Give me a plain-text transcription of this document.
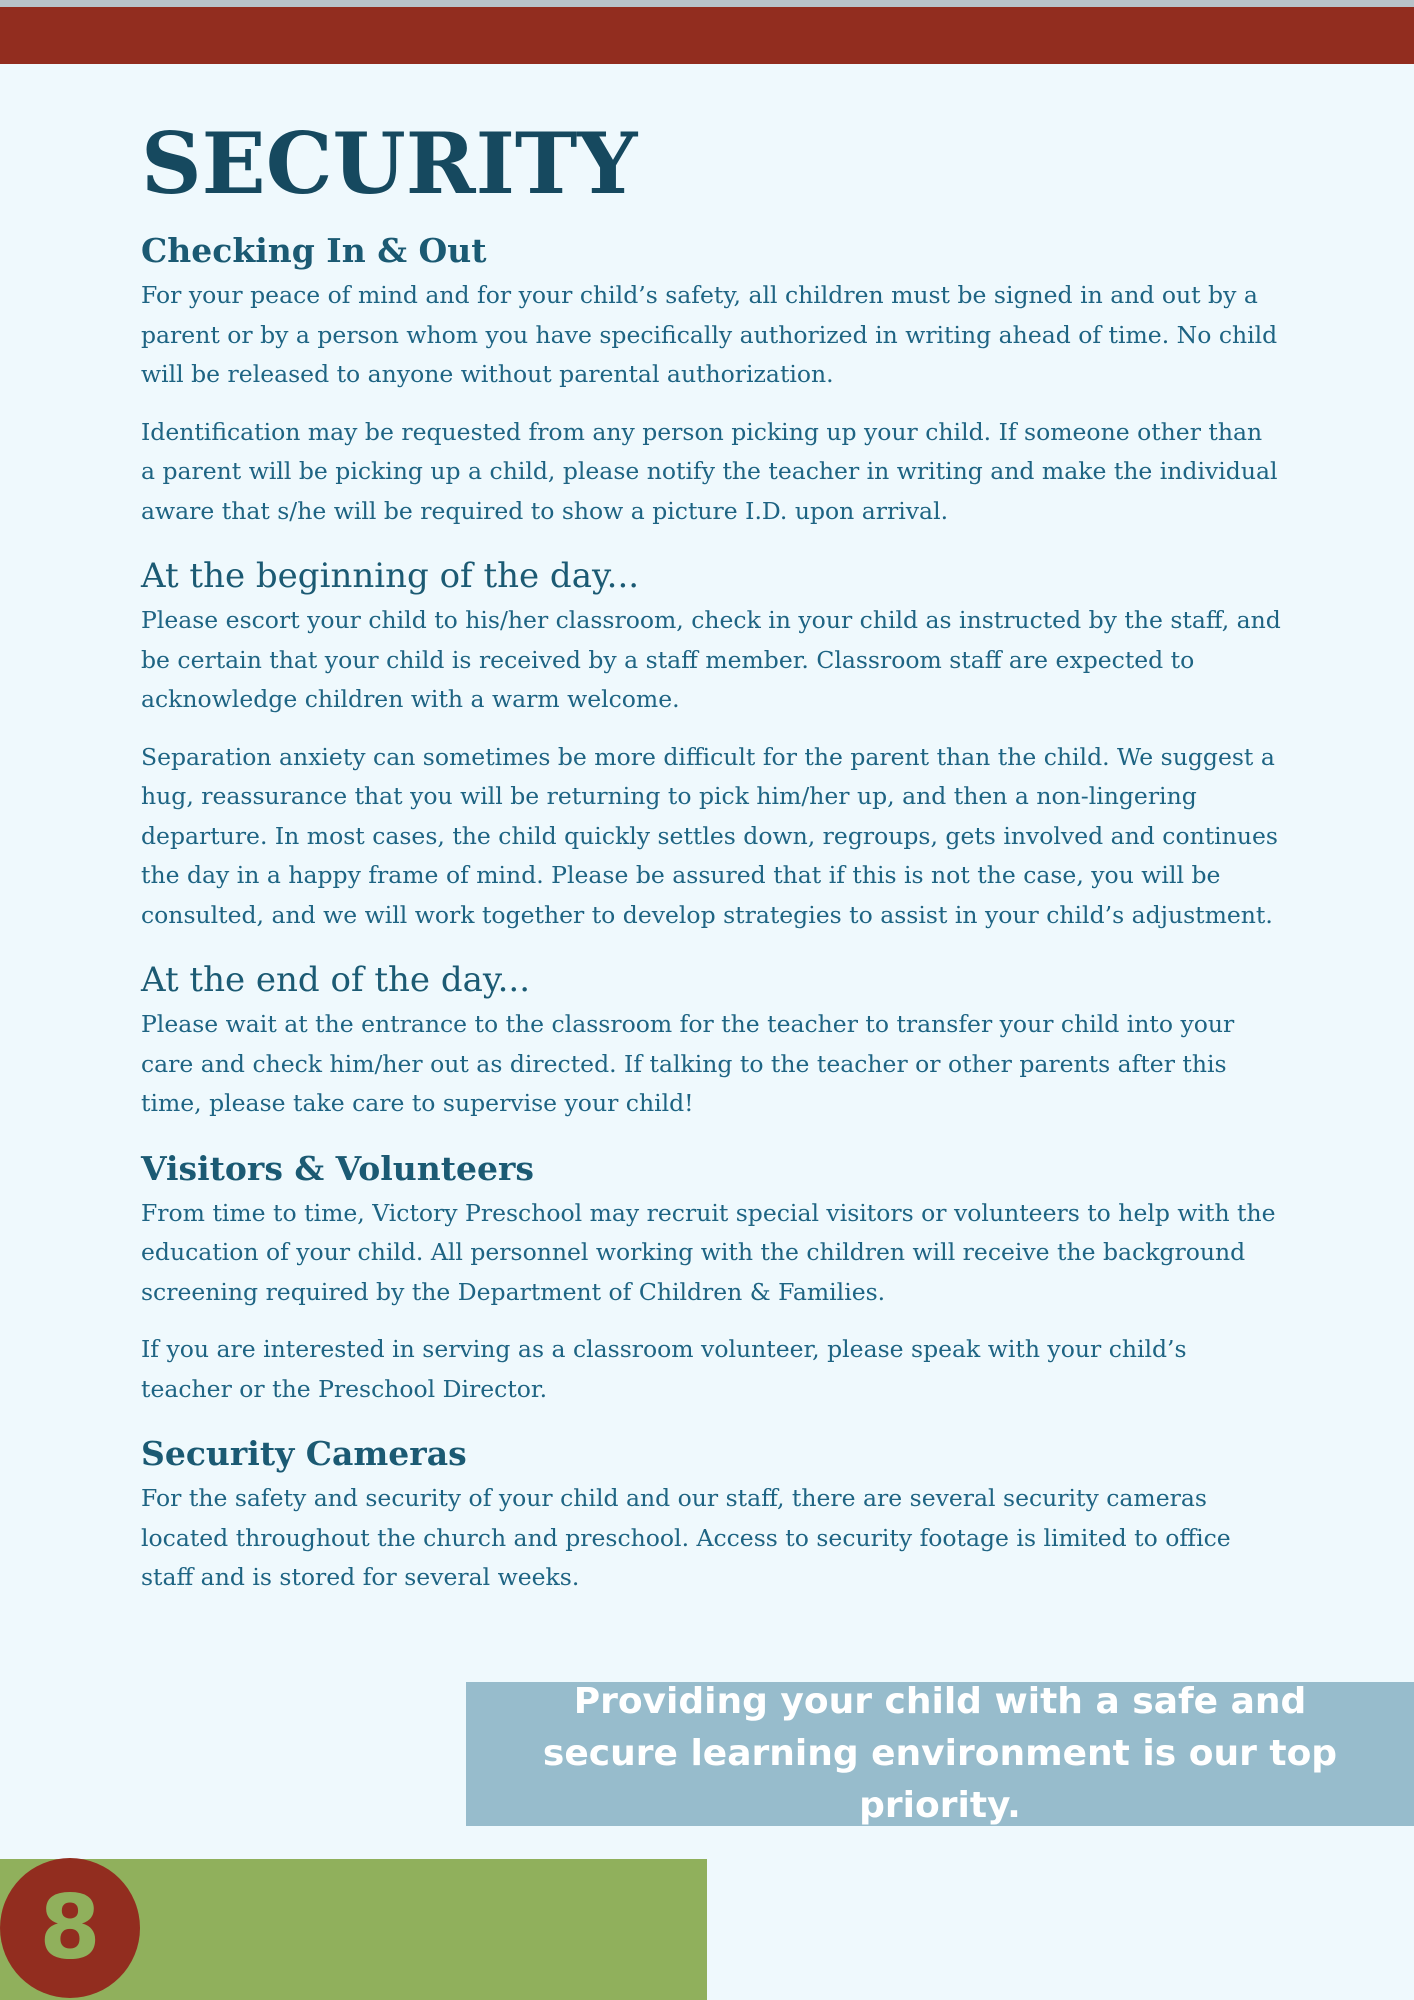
SECURITY
Checking In & Out

For your peace of mind and for your child’s safety, all children must be signed in and out by a parent or by a person whom you have specifically authorized in writing ahead of time. No child will be released to anyone without parental authorization.

Identification may be requested from any person picking up your child. If someone other than a parent will be picking up a child, please notify the teacher in writing and make the individual aware that s/he will be required to show a picture I.D. upon arrival.

At the beginning of the day...

Please escort your child to his/her classroom, check in your child as instructed by the staff, and be certain that your child is received by a staff member. Classroom staff are expected to acknowledge children with a warm welcome.

Separation anxiety can sometimes be more difficult for the parent than the child. We suggest a hug, reassurance that you will be returning to pick him/her up, and then a non-lingering departure. In most cases, the child quickly settles down, regroups, gets involved and continues the day in a happy frame of mind. Please be assured that if this is not the case, you will be consulted, and we will work together to develop strategies to assist in your child’s adjustment.

At the end of the day...

Please wait at the entrance to the classroom for the teacher to transfer your child into your care and check him/her out as directed. If talking to the teacher or other parents after this time, please take care to supervise your child!

Visitors & Volunteers

From time to time, Victory Preschool may recruit special visitors or volunteers to help with the education of your child. All personnel working with the children will receive the background screening required by the Department of Children & Families.

If you are interested in serving as a classroom volunteer, please speak with your child’s teacher or the Preschool Director.

Security Cameras

For the safety and security of your child and our staff, there are several security cameras located throughout the church and preschool. Access to security footage is limited to office staff and is stored for several weeks.

Providing your child with a safe and secure learning environment is our top priority.
8
